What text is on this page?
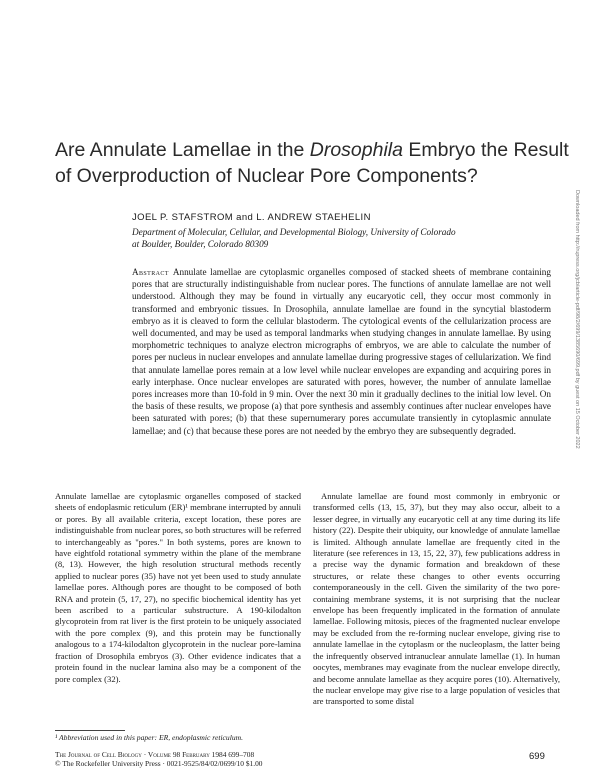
Are Annulate Lamellae in the Drosophila Embryo the Result
of Overproduction of Nuclear Pore Components?
JOEL P. STAFSTROM and L. ANDREW STAEHELIN
Department of Molecular, Cellular, and Developmental Biology, University of Colorado at Boulder, Boulder, Colorado 80309
Abstract Annulate lamellae are cytoplasmic organelles composed of stacked sheets of membrane containing pores that are structurally indistinguishable from nuclear pores. The functions of annulate lamellae are not well understood. Although they may be found in virtually any eucaryotic cell, they occur most commonly in transformed and embryonic tissues. In Drosophila, annulate lamellae are found in the syncytial blastoderm embryo as it is cleaved to form the cellular blastoderm. The cytological events of the cellularization process are well documented, and may be used as temporal landmarks when studying changes in annulate lamellae. By using morphometric techniques to analyze electron micrographs of embryos, we are able to calculate the number of pores per nucleus in nuclear envelopes and annulate lamellae during progressive stages of cellularization. We find that annulate lamellae pores remain at a low level while nuclear envelopes are expanding and acquiring pores in early interphase. Once nuclear envelopes are saturated with pores, however, the number of annulate lamellae pores increases more than 10-fold in 9 min. Over the next 30 min it gradually declines to the initial low level. On the basis of these results, we propose (a) that pore synthesis and assembly continues after nuclear envelopes have been saturated with pores; (b) that these supernumerary pores accumulate transiently in cytoplasmic annulate lamellae; and (c) that because these pores are not needed by the embryo they are subsequently degraded.
Annulate lamellae are cytoplasmic organelles composed of stacked sheets of endoplasmic reticulum (ER)¹ membrane interrupted by annuli or pores. By all available criteria, except location, these pores are indistinguishable from nuclear pores, so both structures will be referred to interchangeably as "pores." In both systems, pores are known to have eightfold rotational symmetry within the plane of the membrane (8, 13). However, the high resolution structural methods recently applied to nuclear pores (35) have not yet been used to study annulate lamellae pores. Although pores are thought to be composed of both RNA and protein (5, 17, 27), no specific biochemical identity has yet been ascribed to a particular substructure. A 190-kilodalton glycoprotein from rat liver is the first protein to be uniquely associated with the pore complex (9), and this protein may be functionally analogous to a 174-kilodalton glycoprotein in the nuclear pore-lamina fraction of Drosophila embryos (3). Other evidence indicates that a protein found in the nuclear lamina also may be a component of the pore complex (32).
Annulate lamellae are found most commonly in embryonic or transformed cells (13, 15, 37), but they may also occur, albeit to a lesser degree, in virtually any eucaryotic cell at any time during its life history (22). Despite their ubiquity, our knowledge of annulate lamellae is limited. Although annulate lamellae are frequently cited in the literature (see references in 13, 15, 22, 37), few publications address in a precise way the dynamic formation and breakdown of these structures, or relate these changes to other events occurring contemporaneously in the cell. Given the similarity of the two pore-containing membrane systems, it is not surprising that the nuclear envelope has been frequently implicated in the formation of annulate lamellae. Following mitosis, pieces of the fragmented nuclear envelope may be excluded from the re-forming nuclear envelope, giving rise to annulate lamellae in the cytoplasm or the nucleoplasm, the latter being the infrequently observed intranuclear annulate lamellae (1). In human oocytes, membranes may evaginate from the nuclear envelope directly, and become annulate lamellae as they acquire pores (10). Alternatively, the nuclear envelope may give rise to a large population of vesicles that are transported to some distal
¹ Abbreviation used in this paper: ER, endoplasmic reticulum.
The Journal of Cell Biology · Volume 98 February 1984 699–708
© The Rockefeller University Press · 0021-9525/84/02/0699/10 $1.00
699
Downloaded from http://rupress.org/jcb/article-pdf/98/2/699/1385690/699.pdf by guest on 15 October 2022
